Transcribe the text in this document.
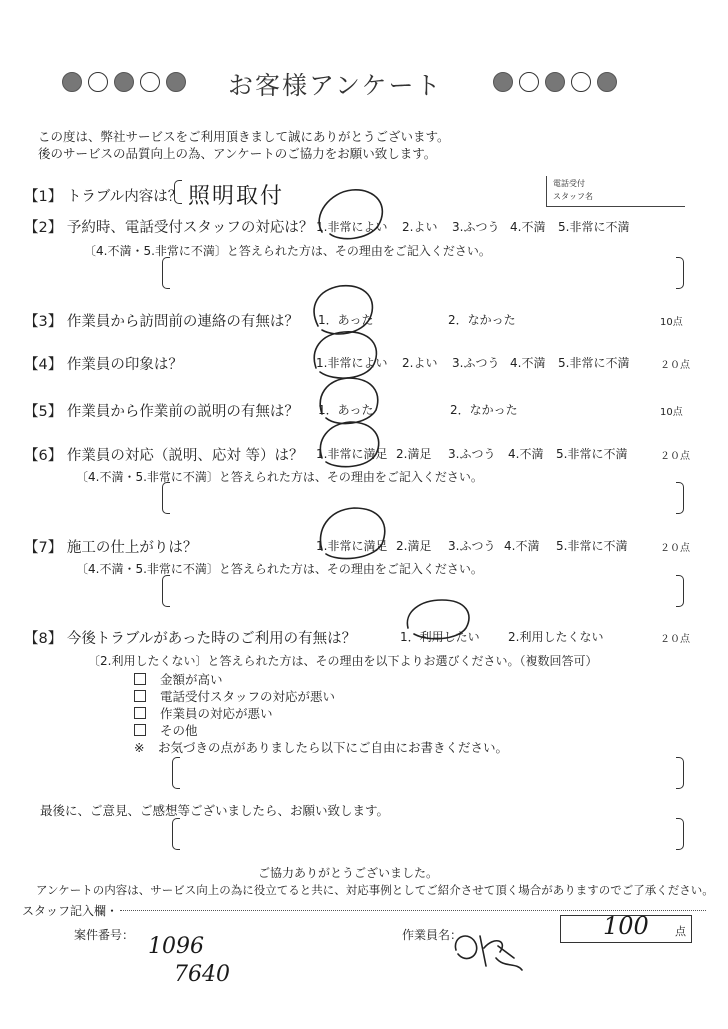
お客様アンケート
この度は、弊社サービスをご利用頂きまして誠にありがとうございます。
後のサービスの品質向上の為、アンケートのご協力をお願い致します。
電話受付
スタッフ名
【1】 トラブル内容は？ 照明取付
【2】 予約時、電話受付スタッフの対応は？ 1.非常によい	2.よい	3.ふつう 4.不満	5.非常に不満
〔4.不満・5.非常に不満〕と答えられた方は、その理由をご記入ください。
【3】 作業員から訪問前の連絡の有無は？ 1．あった	2．なかった	10点
【4】 作業員の印象は？	1.非常によい	2.よい	3.ふつう 4.不満	5.非常に不満	２０点
【5】 作業員から作業前の説明の有無は？ 1．あった	2．なかった	10点
【6】 作業員の対応（説明、応対 等）は？ 1.非常に満足 2.満足	3.ふつう	4.不満	5.非常に不満	２０点
〔4.不満・5.非常に不満〕と答えられた方は、その理由をご記入ください。
【7】 施工の仕上がりは？	1.非常に満足 2.満足	3.ふつう 4.不満	5.非常に不満	２０点
〔4.不満・5.非常に不満〕と答えられた方は、その理由をご記入ください。
【8】 今後トラブルがあった時のご利用の有無は？	1．利用したい	2.利用したくない	２０点
〔2.利用したくない〕と答えられた方は、その理由を以下よりお選びください。（複数回答可）
金額が高い
電話受付スタッフの対応が悪い
作業員の対応が悪い
その他
※ お気づきの点がありましたら以下にご自由にお書きください。
最後に、ご意見、ご感想等ございましたら、お願い致します。
ご協力ありがとうございました。
アンケートの内容は、サービス向上の為に役立てると共に、対応事例としてご紹介させて頂く場合がありますのでご了承ください。
スタッフ記入欄・
案件番号： 1096
7640
作業員名：	100 点
